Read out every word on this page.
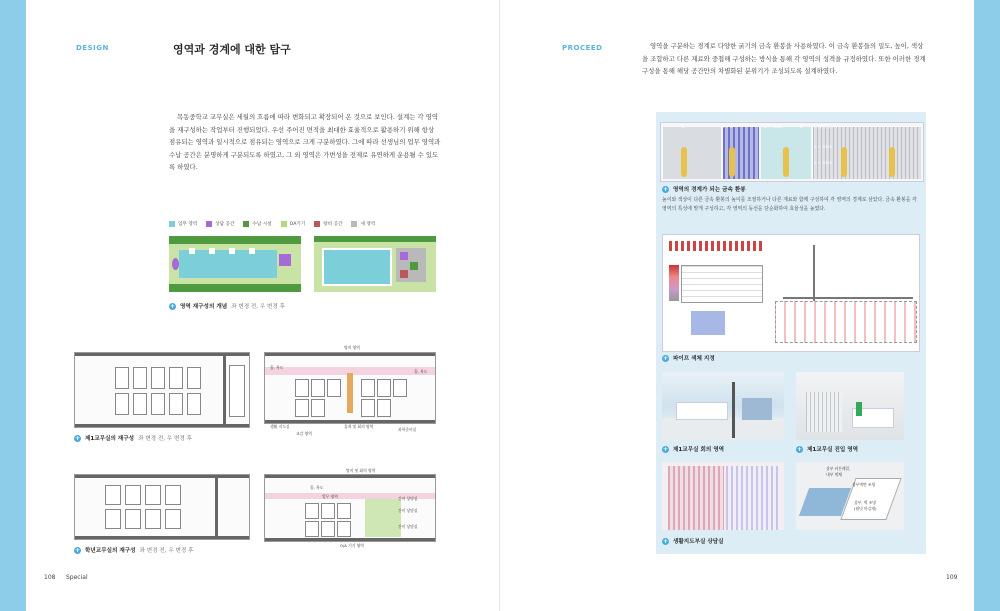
DESIGN	영역과 경계에 대한 탐구
목동중학교 교무실은 세월의 흐름에 따라 변화되고 확장되어 온 것으로 보인다. 설계는 각 영역을 재구성하는 작업부터 진행되었다. 우선 주어진 면적을 최대한 효율적으로 활용하기 위해 항상 점유되는 영역과 일시적으로 점유되는 영역으로 크게 구분하였다. 그에 따라 선생님의 업무 영역과 수납 공간은 분명하게 구분되도록 하였고, 그 외 영역은 가변성을 전제로 유연하게 운용될 수 있도록 하였다.
업무 영역	상담 공간	수납 시설	OA기기	탕비 공간	새 영역
+ 영역 재구성의 개념 좌 변경 전, 우 변경 후
탕비 영역
홀, 복도
홀, 복도
생활 지도실
교감 영역
휴게 및 회의 영역
과학준비실
+ 제1교무실의 재구성 좌 변경 전, 우 변경 후
탕비 및 회의 영역
홀, 복도
업무 영역	간이 상담실
간이 상담실
간이 상담실
O/A 기기 영역
+ 학년교무실의 재구성 좌 변경 전, 우 변경 후
108 Special
PROCEED	영역을 구분하는 경계로 다양한 굵기의 금속 환봉을 사용하였다. 이 금속 환봉들의 밀도, 높이, 색상을 조합하고 다른 재료와 중첩해 구성하는 방식을 통해 각 영역의 성격을 규정하였다. 또한 이러한 경계 구성을 통해 해당 공간만의 차별화된 분위기가 조성되도록 설계하였다.
A	A + A	A + Glass	B	C (환봉 높이)
A + 1500
A + 1500
+ 영역의 경계가 되는 금속 환봉
높이와 색상이 다른 금속 환봉의 높이를 조절하거나 다른 재료와 함께 구성하여 각 영역의 경계로 삼았다. 금속 환봉을 각 영역의 특성에 맞게 구성하고, 각 영역의 동선을 단순화하여 효율성을 높였다.
+ 파이프 색체 지정
+ 제1교무실 회의 영역	+ 제1교무실 진입 영역
상부 커튼레일,
내부 벽체
상부벽면 조명
상부, 벽 조명
(월넛 마감재)
+ 생활지도부실 상담실
109
